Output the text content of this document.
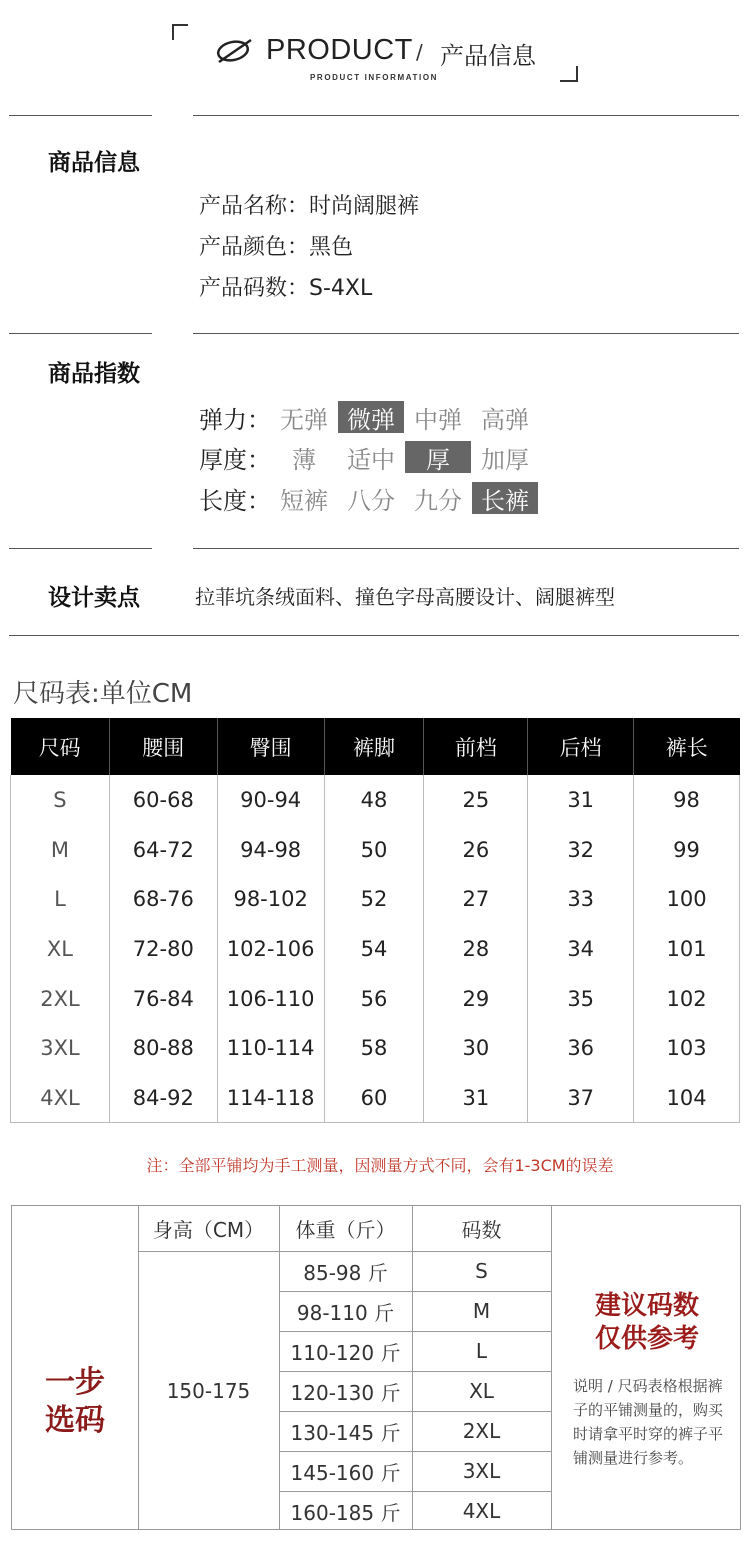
PRODUCT / 产品信息
PRODUCT INFORMATION
商品信息
产品名称：时尚阔腿裤
产品颜色：黑色
产品码数：S-4XL
商品指数
弹力： 无弹 微弹 中弹 高弹
厚度： 薄	适中	厚	加厚
长度： 短裤 八分 九分 长裤
设计卖点	拉菲坑条绒面料、撞色字母高腰设计、阔腿裤型
尺码表:单位CM
尺码	腰围	臀围	裤脚	前档	后档	裤长
S	60-68	90-94	48	25	31	98
M	64-72	94-98	50	26	32	99
L	68-76	98-102	52	27	33	100
XL	72-80	102-106	54	28	34	101
2XL	76-84	106-110	56	29	35	102
3XL	80-88	110-114	58	30	36	103
4XL	84-92	114-118	60	31	37	104
注：全部平铺均为手工测量，因测量方式不同，会有1-3CM的误差
一步
选码
身高（CM）	体重（斤）	码数
150-175
85-98 斤	S
98-110 斤	M
110-120 斤	L
120-130 斤	XL
130-145 斤	2XL
145-160 斤	3XL
160-185 斤	4XL
建议码数
仅供参考
说明 / 尺码表格根据裤子的平铺测量的，购买时请拿平时穿的裤子平铺测量进行参考。
